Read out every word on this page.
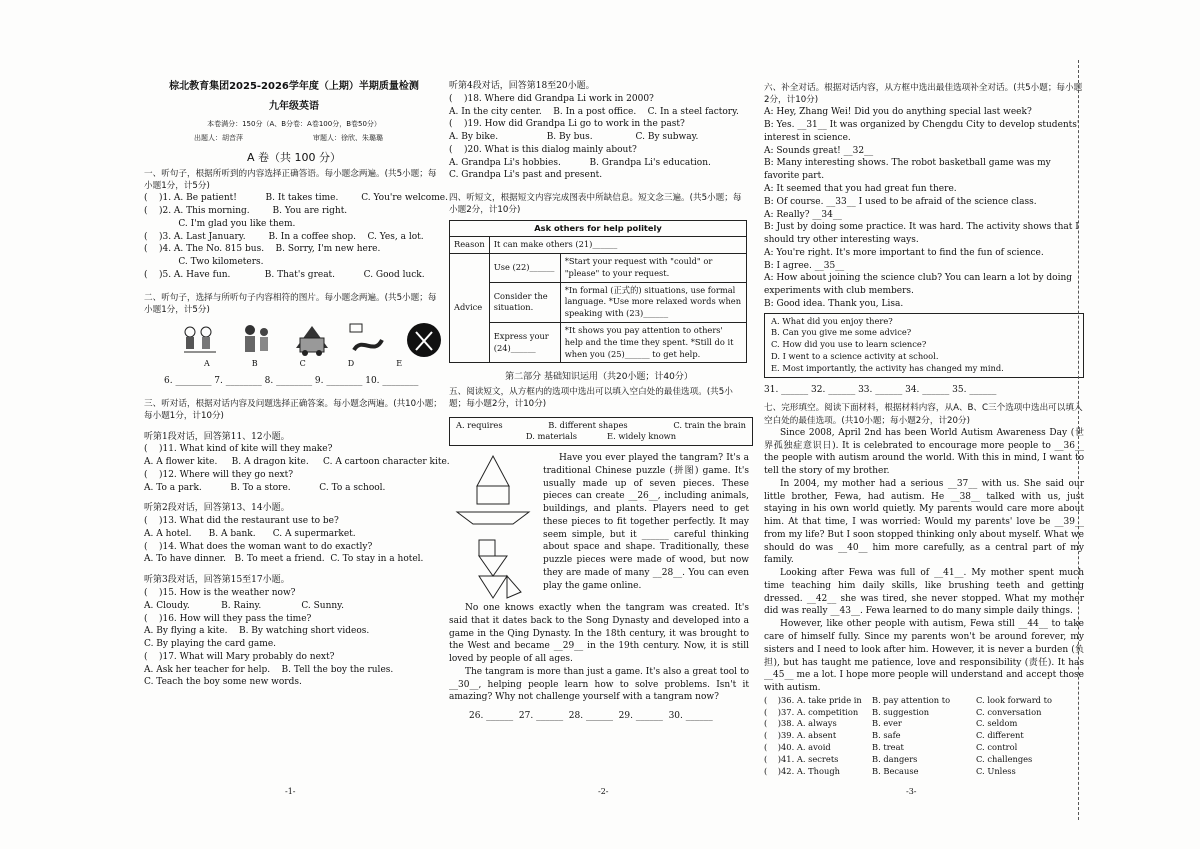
棕北教育集团2025-2026学年度（上期）半期质量检测
九年级英语
本卷满分：150分（A、B分卷：A卷100分，B卷50分）
出题人：胡音萍	审题人：徐欣、朱璐璐
A 卷（共 100 分）
一、听句子，根据所听到的内容选择正确答语。每小题念两遍。(共5小题；每小题1分，计5分)
(    )1. A. Be patient!          B. It takes time.        C. You're welcome.
(    )2. A. This morning.        B. You are right.
C. I'm glad you like them.
(    )3. A. Last January.        B. In a coffee shop.    C. Yes, a lot.
(    )4. A. The No. 815 bus.    B. Sorry, I'm new here.
C. Two kilometers.
(    )5. A. Have fun.            B. That's great.          C. Good luck.
二、听句子，选择与所听句子内容相符的图片。每小题念两遍。(共5小题；每小题1分，计5分)
A	B	C	D	E
6. ________ 7. ________ 8. ________ 9. ________ 10. ________
三、听对话，根据对话内容及问题选择正确答案。每小题念两遍。(共10小题；每小题1分，计10分)
听第1段对话，回答第11、12小题。
(    )11. What kind of kite will they make?
A. A flower kite.     B. A dragon kite.     C. A cartoon character kite.
(    )12. Where will they go next?
A. To a park.          B. To a store.          C. To a school.
听第2段对话，回答第13、14小题。
(    )13. What did the restaurant use to be?
A. A hotel.      B. A bank.      C. A supermarket.
(    )14. What does the woman want to do exactly?
A. To have dinner.   B. To meet a friend.  C. To stay in a hotel.
听第3段对话，回答第15至17小题。
(    )15. How is the weather now?
A. Cloudy.           B. Rainy.              C. Sunny.
(    )16. How will they pass the time?
A. By flying a kite.    B. By watching short videos.
C. By playing the card game.
(    )17. What will Mary probably do next?
A. Ask her teacher for help.    B. Tell the boy the rules.
C. Teach the boy some new words.
听第4段对话，回答第18至20小题。
(    )18. Where did Grandpa Li work in 2000?
A. In the city center.    B. In a post office.    C. In a steel factory.
(    )19. How did Grandpa Li go to work in the past?
A. By bike.                 B. By bus.               C. By subway.
(    )20. What is this dialog mainly about?
A. Grandpa Li's hobbies.          B. Grandpa Li's education.
C. Grandpa Li's past and present.
四、听短文，根据短文内容完成图表中所缺信息。短文念三遍。(共5小题；每小题2分，计10分)
Ask others for help politely		
Reason	It can make others (21)______	
Advice	Use (22)______	*Start your request with "could" or "please" to your request.
	Consider the situation.	*In formal (正式的) situations, use formal language. *Use more relaxed words when speaking with (23)______
	Express your (24)______	*It shows you pay attention to others' help and the time they spent. *Still do it when you (25)______ to get help.
第二部分 基础知识运用（共20小题；计40分）
五、阅读短文，从方框内的选项中选出可以填入空白处的最佳选项。(共5小题；每小题2分，计10分)
A. requires	B. different shapes	C. train the brain
D. materials	E. widely known
Have you ever played the tangram? It's a traditional Chinese puzzle (拼图) game. It's usually made up of seven pieces. These pieces can create __26__, including animals, buildings, and plants. Players need to get these pieces to fit together perfectly. It may seem simple, but it ______ careful thinking about space and shape. Traditionally, these puzzle pieces were made of wood, but now they are made of many __28__. You can even play the game online.
No one knows exactly when the tangram was created. It's said that it dates back to the Song Dynasty and developed into a game in the Qing Dynasty. In the 18th century, it was brought to the West and became __29__ in the 19th century. Now, it is still loved by people of all ages.
The tangram is more than just a game. It's also a great tool to __30__, helping people learn how to solve problems. Isn't it amazing? Why not challenge yourself with a tangram now?
26. ______  27. ______  28. ______  29. ______  30. ______
六、补全对话。根据对话内容，从方框中选出最佳选项补全对话。(共5小题；每小题2分，计10分)
A: Hey, Zhang Wei! Did you do anything special last week?
B: Yes. __31__ It was organized by Chengdu City to develop students' interest in science.
A: Sounds great! __32__
B: Many interesting shows. The robot basketball game was my favorite part.
A: It seemed that you had great fun there.
B: Of course. __33__ I used to be afraid of the science class.
A: Really? __34__
B: Just by doing some practice. It was hard. The activity shows that I should try other interesting ways.
A: You're right. It's more important to find the fun of science.
B: I agree. __35__
A: How about joining the science club? You can learn a lot by doing experiments with club members.
B: Good idea. Thank you, Lisa.
A. What did you enjoy there?
B. Can you give me some advice?
C. How did you use to learn science?
D. I went to a science activity at school.
E. Most importantly, the activity has changed my mind.
31. ______ 32. ______ 33. ______ 34. ______ 35. ______
七、完形填空。阅读下面材料，根据材料内容，从A、B、C三个选项中选出可以填入空白处的最佳选项。(共10小题；每小题2分，计20分)
Since 2008, April 2nd has been World Autism Awareness Day (世界孤独症意识日). It is celebrated to encourage more people to __36__ the people with autism around the world. With this in mind, I want to tell the story of my brother.
In 2004, my mother had a serious __37__ with us. She said our little brother, Fewa, had autism. He __38__ talked with us, just staying in his own world quietly. My parents would care more about him. At that time, I was worried: Would my parents' love be __39__ from my life? But I soon stopped thinking only about myself. What we should do was __40__ him more carefully, as a central part of my family.
Looking after Fewa was full of __41__. My mother spent much time teaching him daily skills, like brushing teeth and getting dressed. __42__ she was tired, she never stopped. What my mother did was really __43__. Fewa learned to do many simple daily things.
However, like other people with autism, Fewa still __44__ to take care of himself fully. Since my parents won't be around forever, my sisters and I need to look after him. However, it is never a burden (负担), but has taught me patience, love and responsibility (责任). It has __45__ me a lot. I hope more people will understand and accept those with autism.
(    )36. A. take pride in	B. pay attention to	C. look forward to
(    )37. A. competition	B. suggestion	C. conversation
(    )38. A. always	B. ever	C. seldom
(    )39. A. absent	B. safe	C. different
(    )40. A. avoid	B. treat	C. control
(    )41. A. secrets	B. dangers	C. challenges
(    )42. A. Though	B. Because	C. Unless
-1-	-2-	-3-
